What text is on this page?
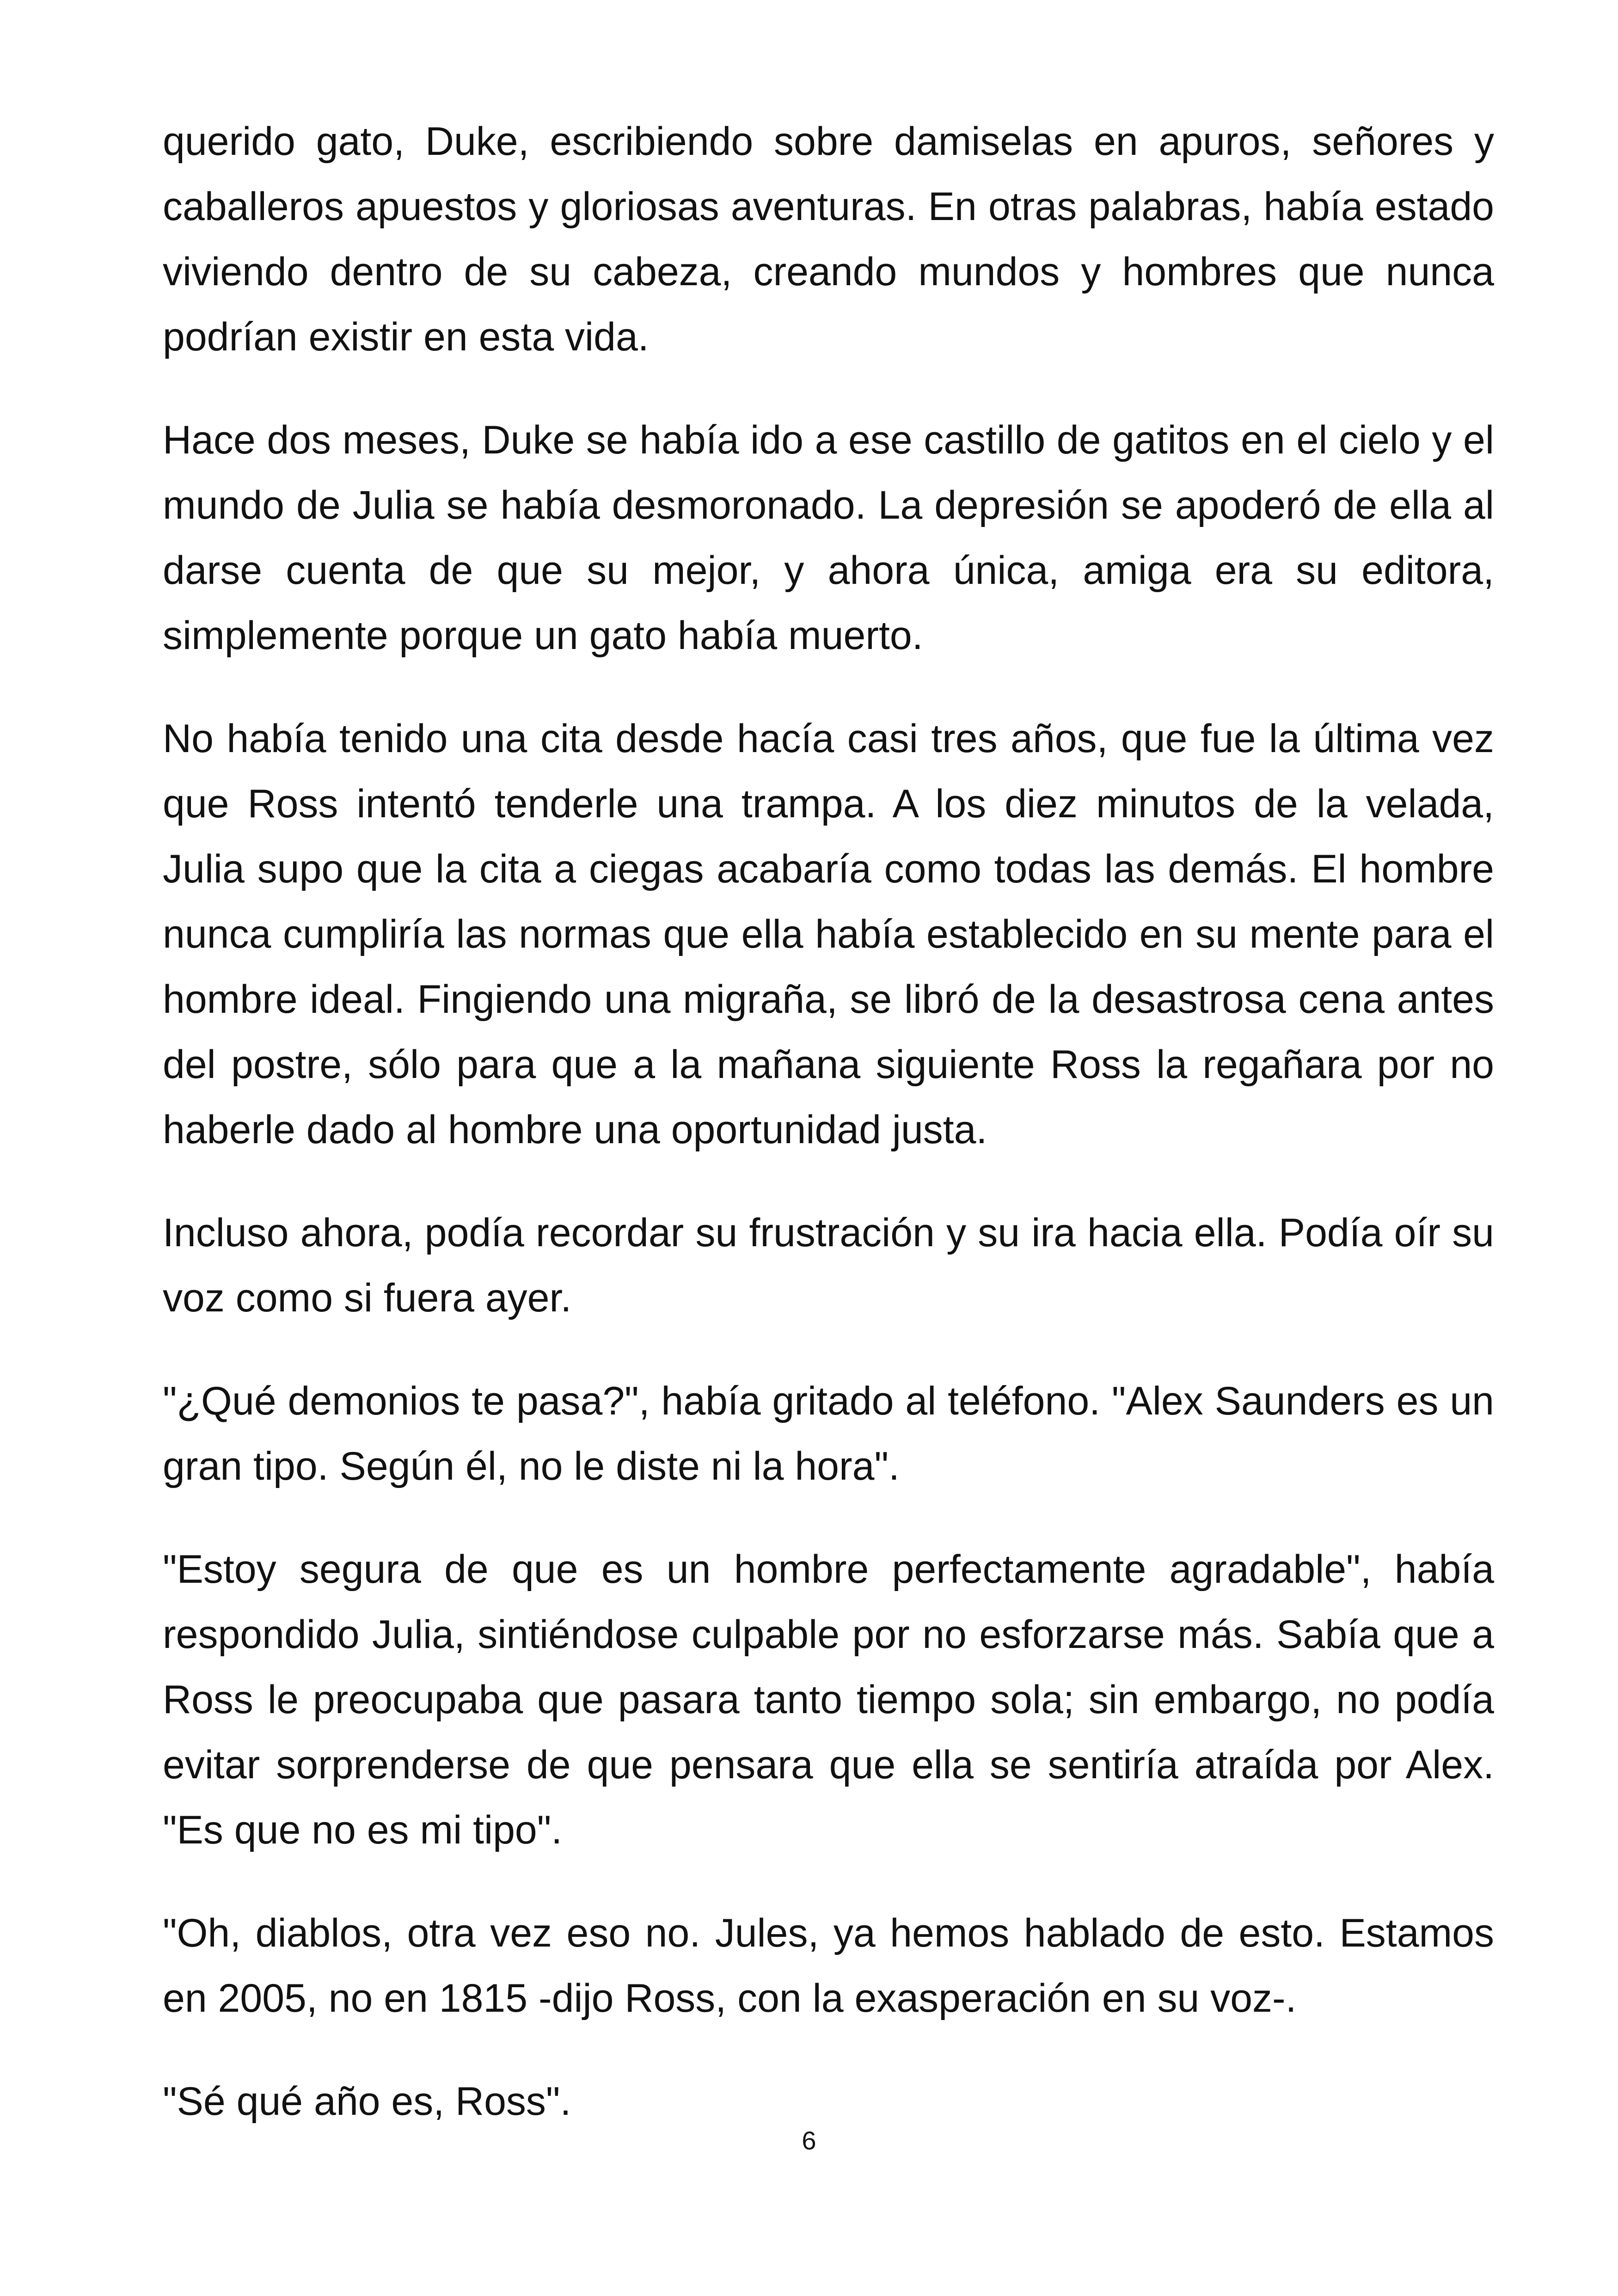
querido gato, Duke, escribiendo sobre damiselas en apuros, señores y caballeros apuestos y gloriosas aventuras. En otras palabras, había estado viviendo dentro de su cabeza, creando mundos y hombres que nunca podrían existir en esta vida.

Hace dos meses, Duke se había ido a ese castillo de gatitos en el cielo y el mundo de Julia se había desmoronado. La depresión se apoderó de ella al darse cuenta de que su mejor, y ahora única, amiga era su editora, simplemente porque un gato había muerto.

No había tenido una cita desde hacía casi tres años, que fue la última vez que Ross intentó tenderle una trampa. A los diez minutos de la velada, Julia supo que la cita a ciegas acabaría como todas las demás. El hombre nunca cumpliría las normas que ella había establecido en su mente para el hombre ideal. Fingiendo una migraña, se libró de la desastrosa cena antes del postre, sólo para que a la mañana siguiente Ross la regañara por no haberle dado al hombre una oportunidad justa.

Incluso ahora, podía recordar su frustración y su ira hacia ella. Podía oír su voz como si fuera ayer.

"¿Qué demonios te pasa?", había gritado al teléfono. "Alex Saunders es un gran tipo. Según él, no le diste ni la hora".

"Estoy segura de que es un hombre perfectamente agradable", había respondido Julia, sintiéndose culpable por no esforzarse más. Sabía que a Ross le preocupaba que pasara tanto tiempo sola; sin embargo, no podía evitar sorprenderse de que pensara que ella se sentiría atraída por Alex. "Es que no es mi tipo".

"Oh, diablos, otra vez eso no. Jules, ya hemos hablado de esto. Estamos en 2005, no en 1815 -dijo Ross, con la exasperación en su voz-.

"Sé qué año es, Ross".

6
